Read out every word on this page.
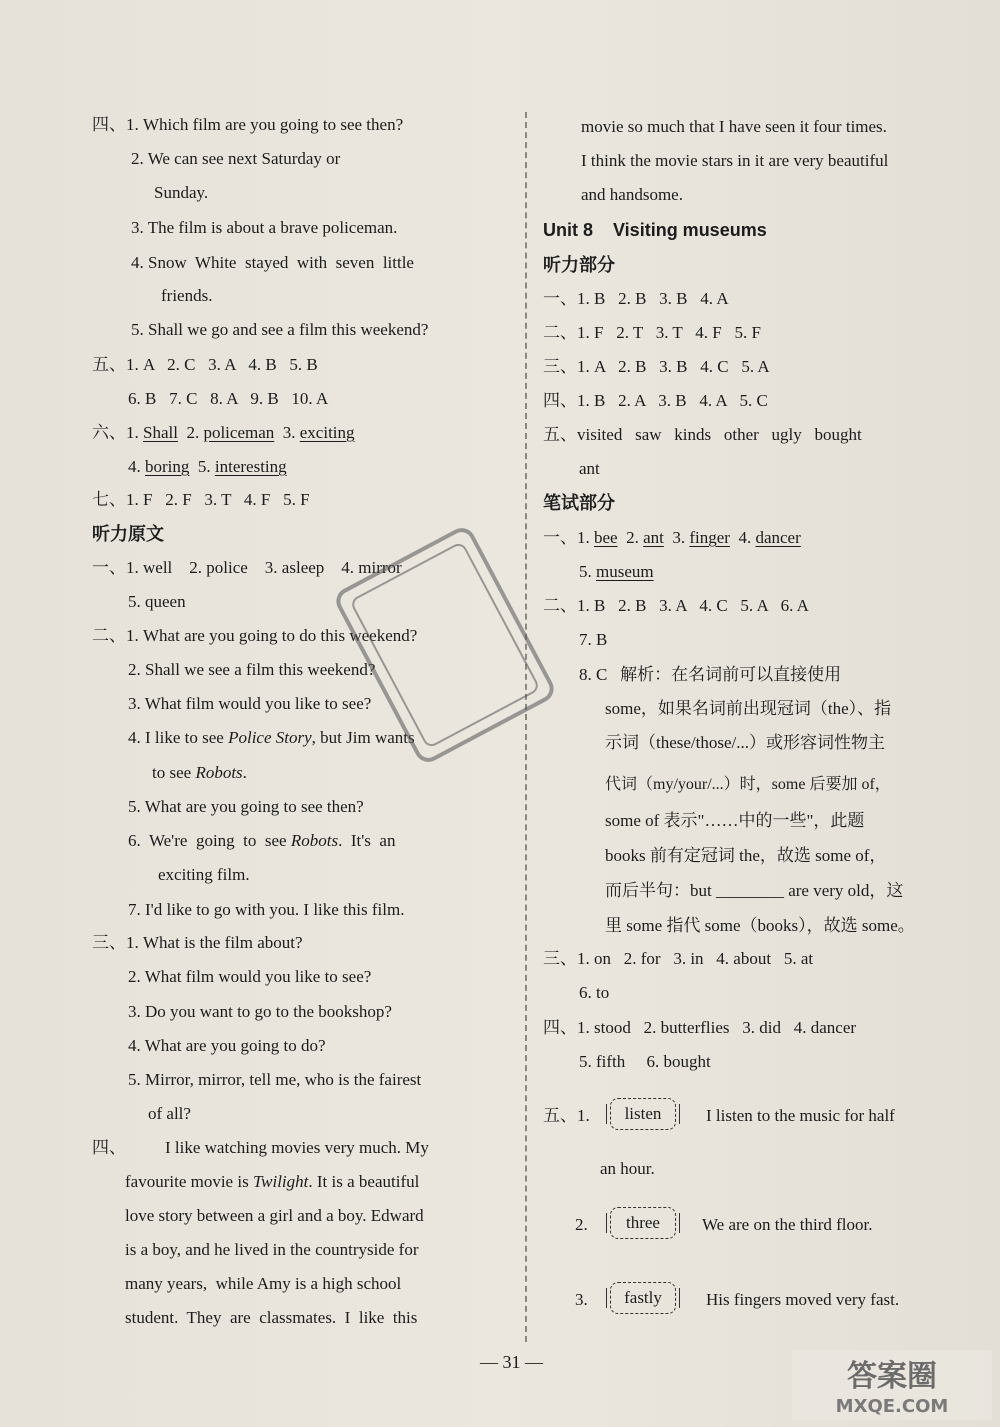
四、1. Which film are you going to see then?
2. We can see next Saturday or
Sunday.
3. The film is about a brave policeman.
4. Snow  White  stayed  with  seven  little
friends.
5. Shall we go and see a film this weekend?
五、1. A   2. C   3. A   4. B   5. B
6. B   7. C   8. A   9. B   10. A
六、1. Shall 2. policeman 3. exciting
4. boring 5. interesting
七、1. F   2. F   3. T   4. F   5. F
听力原文
一、1. well    2. police    3. asleep    4. mirror
5. queen
二、1. What are you going to do this weekend?
2. Shall we see a film this weekend?
3. What film would you like to see?
4. I like to see Police Story, but Jim wants
to see Robots.
5. What are you going to see then?
6.  We're  going  to  see Robots.  It's  an
exciting film.
7. I'd like to go with you. I like this film.
三、1. What is the film about?
2. What film would you like to see?
3. Do you want to go to the bookshop?
4. What are you going to do?
5. Mirror, mirror, tell me, who is the fairest
of all?
四、 I like watching movies very much. My
favourite movie is Twilight. It is a beautiful
love story between a girl and a boy. Edward
is a boy, and he lived in the countryside for
many years,  while Amy is a high school
student.  They  are  classmates.  I  like  this
movie so much that I have seen it four times.
I think the movie stars in it are very beautiful
and handsome.
Unit 8    Visiting museums
听力部分
一、1. B   2. B   3. B   4. A
二、1. F   2. T   3. T   4. F   5. F
三、1. A   2. B   3. B   4. C   5. A
四、1. B   2. A   3. B   4. A   5. C
五、visited   saw   kinds   other   ugly   bought
ant
笔试部分
一、1. bee 2. ant 3. finger 4. dancer
5. museum
二、1. B   2. B   3. A   4. C   5. A   6. A
7. B
8. C   解析：在名词前可以直接使用
some，如果名词前出现冠词（the）、指
示词（these/those/...）或形容词性物主
代词（my/your/...）时，some 后要加 of，
some of 表示"……中的一些"，此题
books 前有定冠词 the，故选 some of，
而后半句：but ________ are very old，这
里 some 指代 some（books），故选 some。
三、1. on   2. for   3. in   4. about   5. at
6. to
四、1. stood   2. butterflies   3. did   4. dancer
5. fifth     6. bought
五、1.	listen	I listen to the music for half
an hour.
2.	three	We are on the third floor.
3.	fastly	His fingers moved very fast.
— 31 —	答案圈
MXQE.COM
